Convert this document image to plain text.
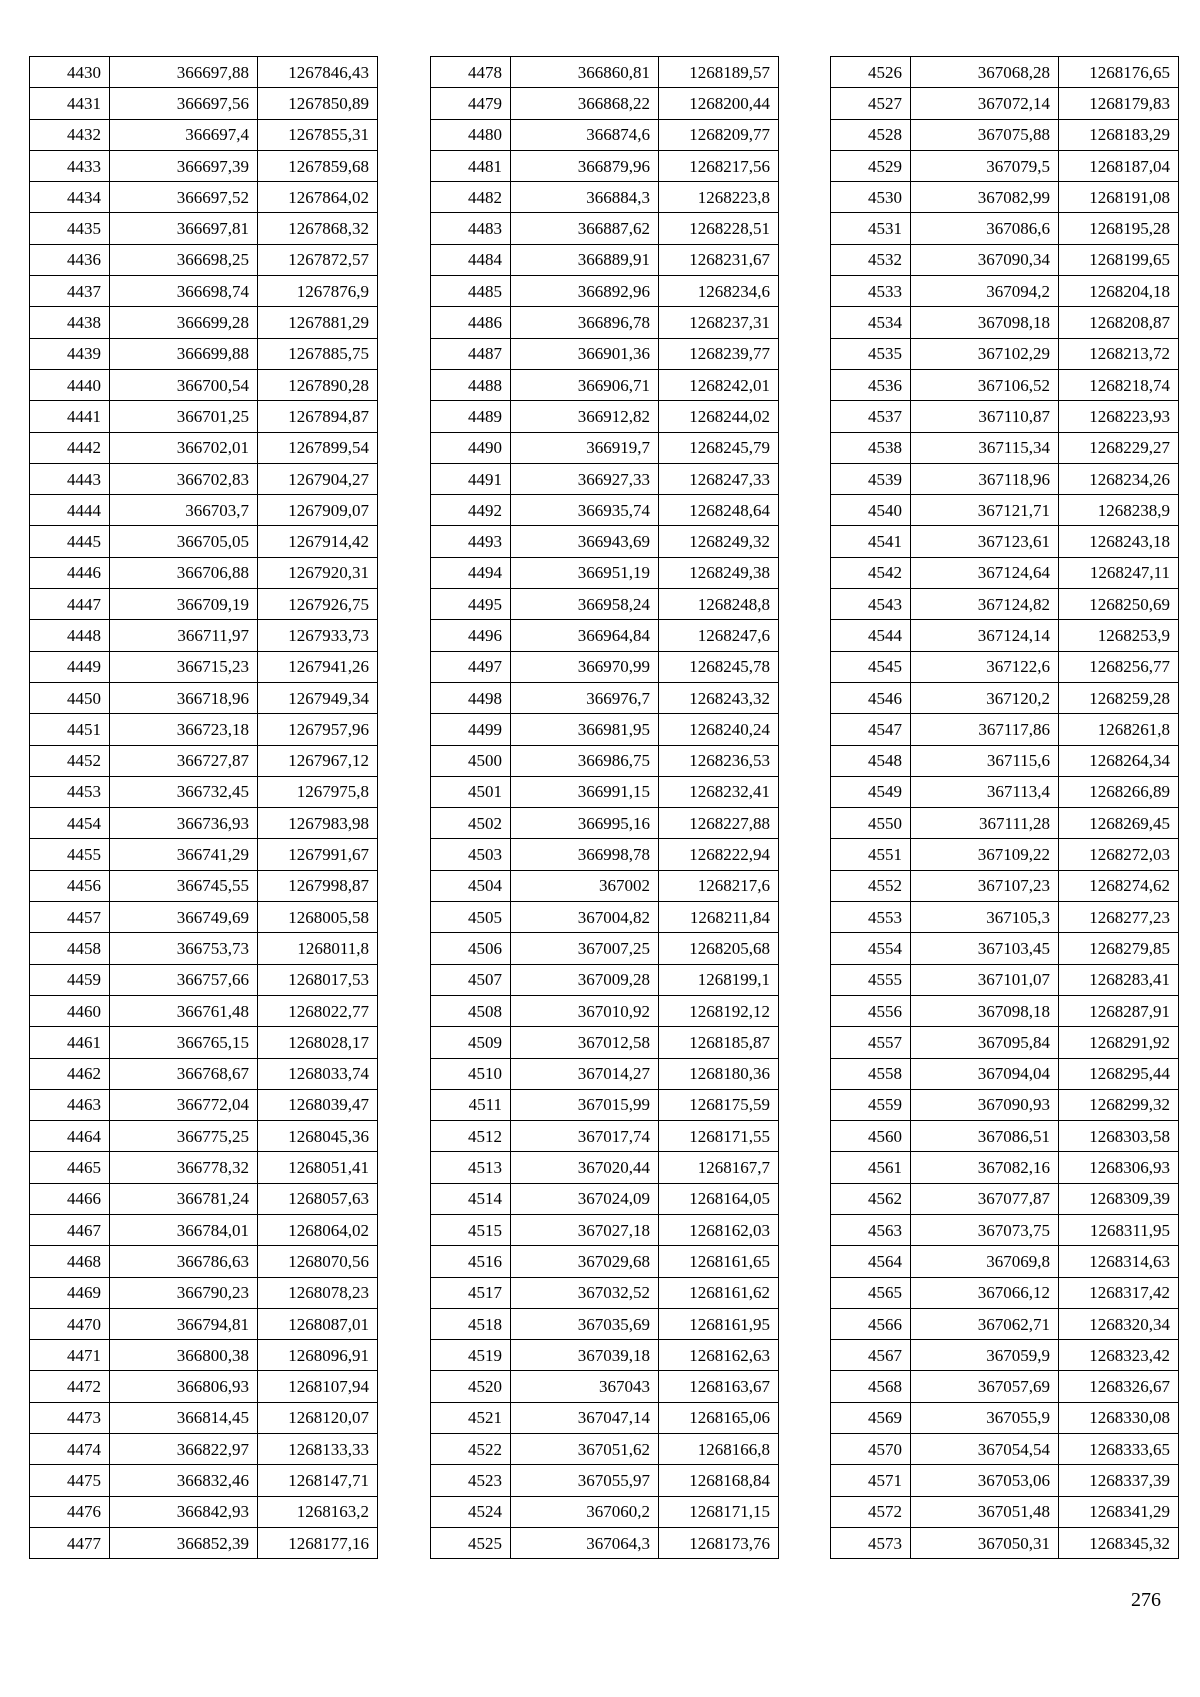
4430	366697,88	1267846,43
4431	366697,56	1267850,89
4432	366697,4	1267855,31
4433	366697,39	1267859,68
4434	366697,52	1267864,02
4435	366697,81	1267868,32
4436	366698,25	1267872,57
4437	366698,74	1267876,9
4438	366699,28	1267881,29
4439	366699,88	1267885,75
4440	366700,54	1267890,28
4441	366701,25	1267894,87
4442	366702,01	1267899,54
4443	366702,83	1267904,27
4444	366703,7	1267909,07
4445	366705,05	1267914,42
4446	366706,88	1267920,31
4447	366709,19	1267926,75
4448	366711,97	1267933,73
4449	366715,23	1267941,26
4450	366718,96	1267949,34
4451	366723,18	1267957,96
4452	366727,87	1267967,12
4453	366732,45	1267975,8
4454	366736,93	1267983,98
4455	366741,29	1267991,67
4456	366745,55	1267998,87
4457	366749,69	1268005,58
4458	366753,73	1268011,8
4459	366757,66	1268017,53
4460	366761,48	1268022,77
4461	366765,15	1268028,17
4462	366768,67	1268033,74
4463	366772,04	1268039,47
4464	366775,25	1268045,36
4465	366778,32	1268051,41
4466	366781,24	1268057,63
4467	366784,01	1268064,02
4468	366786,63	1268070,56
4469	366790,23	1268078,23
4470	366794,81	1268087,01
4471	366800,38	1268096,91
4472	366806,93	1268107,94
4473	366814,45	1268120,07
4474	366822,97	1268133,33
4475	366832,46	1268147,71
4476	366842,93	1268163,2
4477	366852,39	1268177,16
4478	366860,81	1268189,57
4479	366868,22	1268200,44
4480	366874,6	1268209,77
4481	366879,96	1268217,56
4482	366884,3	1268223,8
4483	366887,62	1268228,51
4484	366889,91	1268231,67
4485	366892,96	1268234,6
4486	366896,78	1268237,31
4487	366901,36	1268239,77
4488	366906,71	1268242,01
4489	366912,82	1268244,02
4490	366919,7	1268245,79
4491	366927,33	1268247,33
4492	366935,74	1268248,64
4493	366943,69	1268249,32
4494	366951,19	1268249,38
4495	366958,24	1268248,8
4496	366964,84	1268247,6
4497	366970,99	1268245,78
4498	366976,7	1268243,32
4499	366981,95	1268240,24
4500	366986,75	1268236,53
4501	366991,15	1268232,41
4502	366995,16	1268227,88
4503	366998,78	1268222,94
4504	367002	1268217,6
4505	367004,82	1268211,84
4506	367007,25	1268205,68
4507	367009,28	1268199,1
4508	367010,92	1268192,12
4509	367012,58	1268185,87
4510	367014,27	1268180,36
4511	367015,99	1268175,59
4512	367017,74	1268171,55
4513	367020,44	1268167,7
4514	367024,09	1268164,05
4515	367027,18	1268162,03
4516	367029,68	1268161,65
4517	367032,52	1268161,62
4518	367035,69	1268161,95
4519	367039,18	1268162,63
4520	367043	1268163,67
4521	367047,14	1268165,06
4522	367051,62	1268166,8
4523	367055,97	1268168,84
4524	367060,2	1268171,15
4525	367064,3	1268173,76
4526	367068,28	1268176,65
4527	367072,14	1268179,83
4528	367075,88	1268183,29
4529	367079,5	1268187,04
4530	367082,99	1268191,08
4531	367086,6	1268195,28
4532	367090,34	1268199,65
4533	367094,2	1268204,18
4534	367098,18	1268208,87
4535	367102,29	1268213,72
4536	367106,52	1268218,74
4537	367110,87	1268223,93
4538	367115,34	1268229,27
4539	367118,96	1268234,26
4540	367121,71	1268238,9
4541	367123,61	1268243,18
4542	367124,64	1268247,11
4543	367124,82	1268250,69
4544	367124,14	1268253,9
4545	367122,6	1268256,77
4546	367120,2	1268259,28
4547	367117,86	1268261,8
4548	367115,6	1268264,34
4549	367113,4	1268266,89
4550	367111,28	1268269,45
4551	367109,22	1268272,03
4552	367107,23	1268274,62
4553	367105,3	1268277,23
4554	367103,45	1268279,85
4555	367101,07	1268283,41
4556	367098,18	1268287,91
4557	367095,84	1268291,92
4558	367094,04	1268295,44
4559	367090,93	1268299,32
4560	367086,51	1268303,58
4561	367082,16	1268306,93
4562	367077,87	1268309,39
4563	367073,75	1268311,95
4564	367069,8	1268314,63
4565	367066,12	1268317,42
4566	367062,71	1268320,34
4567	367059,9	1268323,42
4568	367057,69	1268326,67
4569	367055,9	1268330,08
4570	367054,54	1268333,65
4571	367053,06	1268337,39
4572	367051,48	1268341,29
4573	367050,31	1268345,32
276
